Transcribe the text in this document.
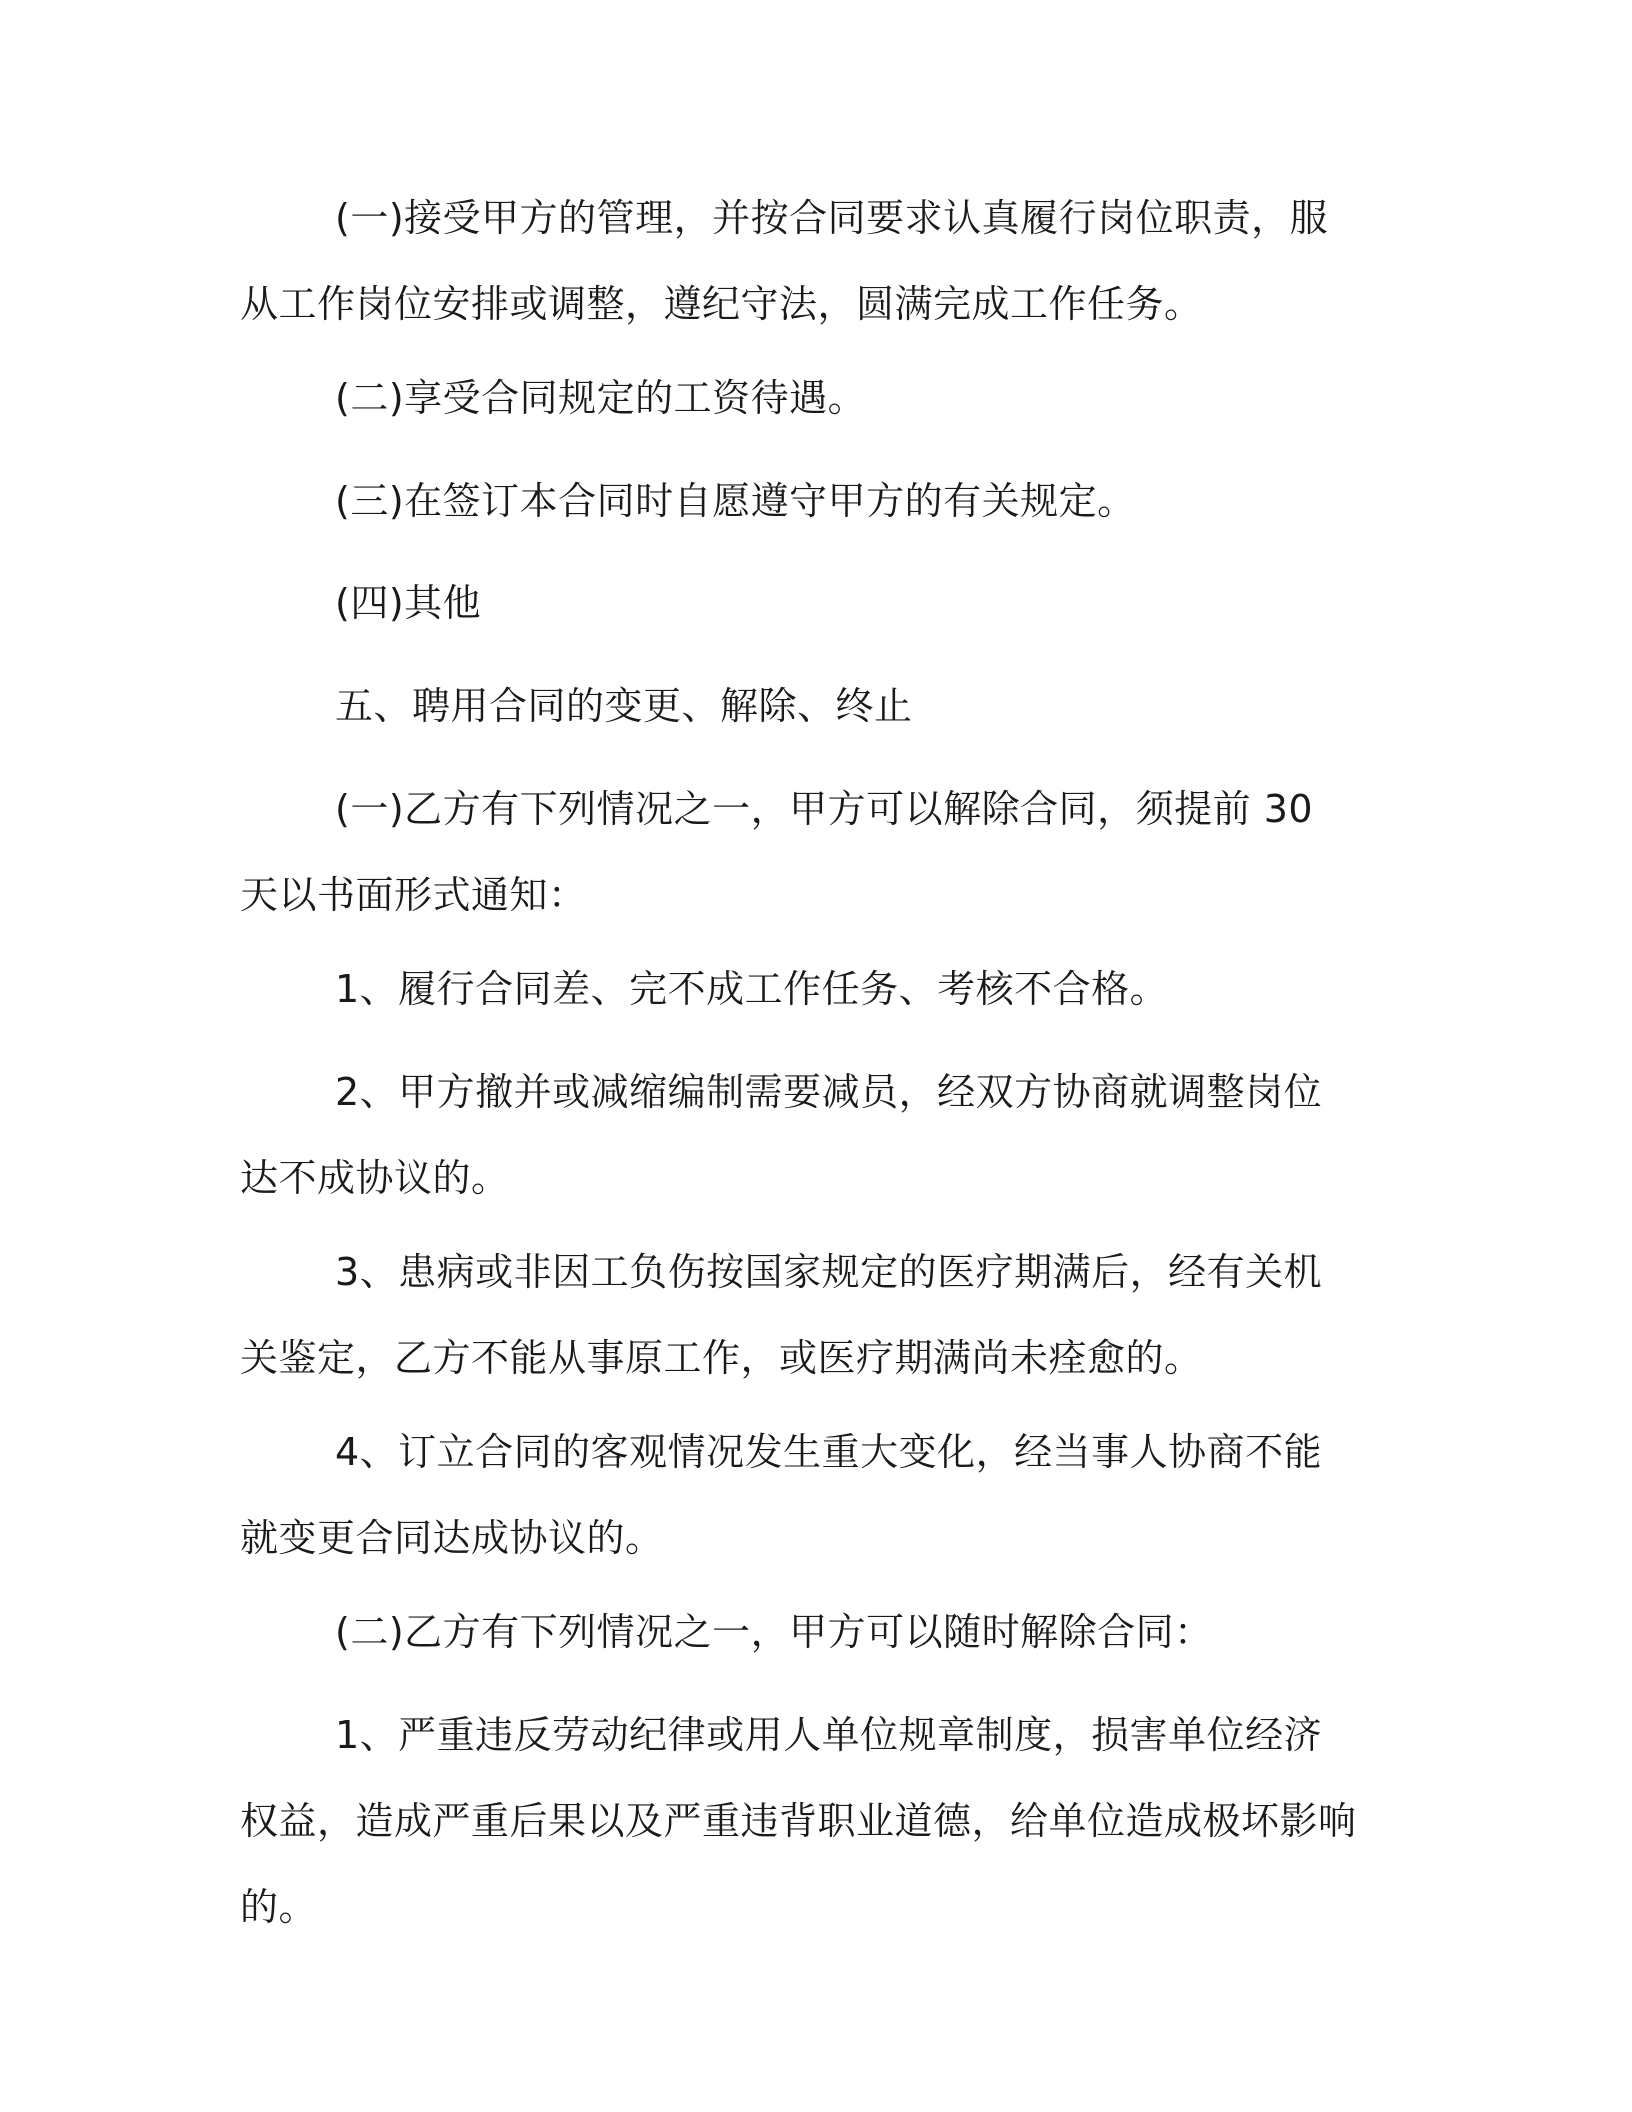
(一)接受甲方的管理，并按合同要求认真履行岗位职责，服从工作岗位安排或调整，遵纪守法，圆满完成工作任务。

(二)享受合同规定的工资待遇。

(三)在签订本合同时自愿遵守甲方的有关规定。

(四)其他

五、聘用合同的变更、解除、终止

(一)乙方有下列情况之一，甲方可以解除合同，须提前 30 天以书面形式通知：

1、履行合同差、完不成工作任务、考核不合格。

2、甲方撤并或减缩编制需要减员，经双方协商就调整岗位达不成协议的。

3、患病或非因工负伤按国家规定的医疗期满后，经有关机关鉴定，乙方不能从事原工作，或医疗期满尚未痊愈的。

4、订立合同的客观情况发生重大变化，经当事人协商不能就变更合同达成协议的。

(二)乙方有下列情况之一，甲方可以随时解除合同：

1、严重违反劳动纪律或用人单位规章制度，损害单位经济权益，造成严重后果以及严重违背职业道德，给单位造成极坏影响的。
